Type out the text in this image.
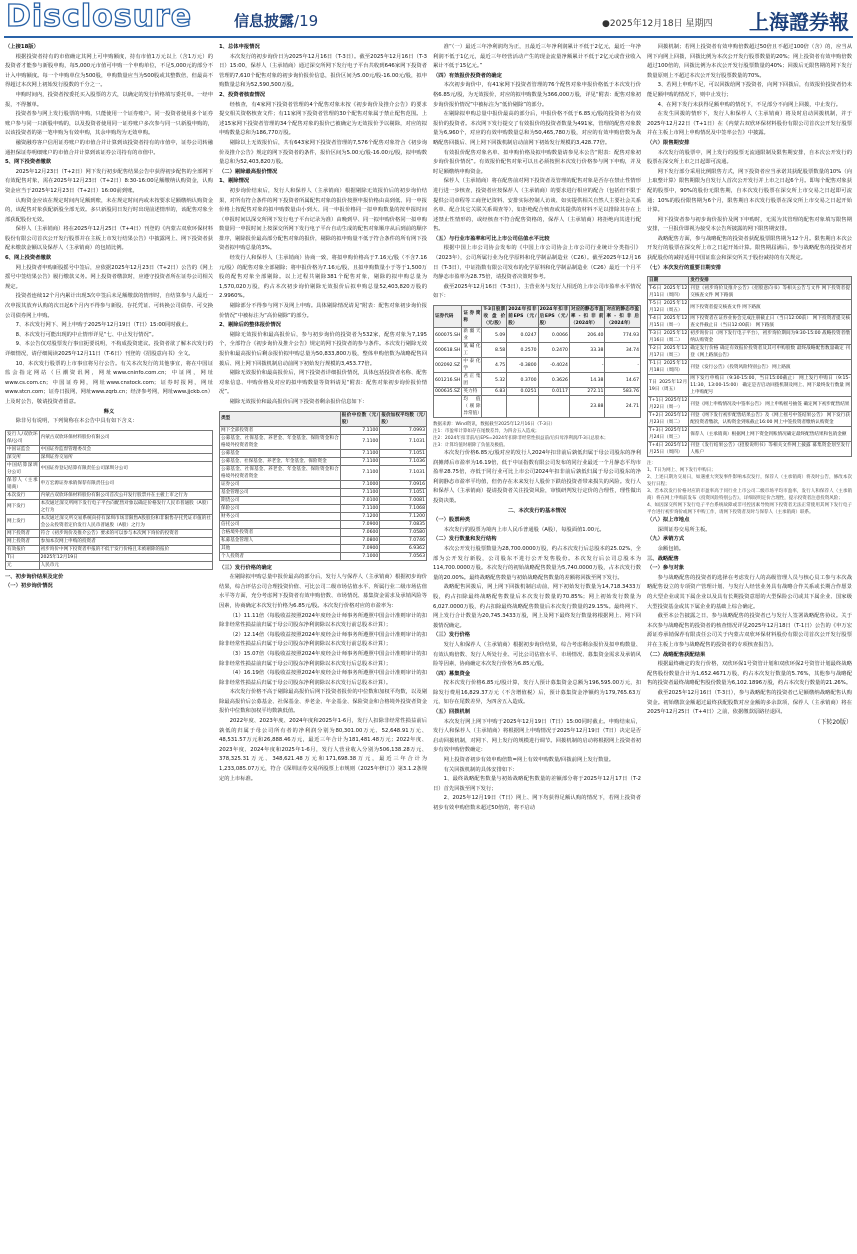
Disclosure	信息披露/19	●2025年12月18日 星期四 上海證券報

（上接18版）

根据投资者持有的市值确定其网上可申购额度，持有市值1万元以上（含1万元）的投资者才能参与新股申购，每5,000元市值可申购一个申购单位，不足5,000元的部分不计入申购额度。每一个申购单位为500股，申购数量应当为500股或其整数倍，但最高不得超过本次网上初始发行股数的千分之一。

申购时间内，投资者按委托买入股票的方式，以确定的发行价格填写委托单。一经申报，不得撤单。

投资者参与网上发行股票的申购，只能使用一个证券账户。同一投资者使用多个证券账户参与同一只新股申购的，以及投资者使用同一证券账户多次参与同一只新股申购的，以该投资者的第一笔申购为有效申购，其余申购均为无效申购。

融资融券客户信用证券账户的市值合并计算到该投资者持有的市值中，证券公司转融通担保证券明细账户的市值合并计算到该证券公司持有的市值中。

5、网下投资者缴款

2025年12月23日（T+2日）网下发行初步配售结果公告中获得初步配售的全部网下有效配售对象，需在2025年12月23日（T+2日）8:30-16:00足额缴纳认购资金，认购资金应当于2025年12月23日（T+2日）16:00前到账。

认购资金应该在规定时间内足额到账，未在规定时间内或未按要求足额缴纳认购资金的，该配售对象获配新股全部无效。多只新股同日发行时出现前述情形的，该配售对象全部获配股份无效。

保荐人（主承销商）将在2025年12月25日（T+4日）刊登的《内蒙古双欣环保材料股份有限公司首次公开发行股票并在主板上市发行结果公告》中披露网上、网下投资者获配未缴款金额以及保荐人（主承销商）的包销比例。

6、网上投资者缴款

网上投资者申购新股摇号中签后，应依据2025年12月23日（T+2日）公告的《网上摇号中签结果公告》履行缴款义务。网上投资者缴款时，应遵守投资者所在证券公司相关规定。

投资者连续12个月内累计出现3次中签后未足额缴款的情形时，自结算参与人最近一次申报其放弃认购的次日起6个月内不得参与新股、存托凭证、可转换公司债券、可交换公司债券网上申购。

7、本次发行网下、网上申购于2025年12月19日（T日）15:00同时截止。

8、本次发行可能出现的中止情形详见“七、中止发行情况”。

9、本公告仅对股票发行事宜扼要说明，不构成投资建议。投资者欲了解本次发行的详细情况，请仔细阅读2025年12月11日（T-6日）刊登的《招股意向书》全文。

10、本次发行股票的上市事宜将另行公告。有关本次发行的其他事宜，将在中国证监会指定网站（巨潮资讯网，网址www.cninfo.com.cn；中证网，网址www.cs.com.cn；中国证券网，网址www.cnstock.com；证券时报网，网址www.stcn.com；证券日报网，网址www.zqrb.cn；经济参考网，网址www.jjckb.cn）上及时公告，敬请投资者留意。

释义

除非另有说明，下列简称在本公告中具有如下含义：

发行人/双欣环保/公司	内蒙古双欣环保材料股份有限公司
中国证监会	中国证券监督管理委员会
深交所	深圳证券交易所
中国结算深圳分公司	中国证券登记结算有限责任公司深圳分公司
保荐人（主承销商）	申万宏源证券承销保荐有限责任公司
本次发行	内蒙古双欣环保材料股份有限公司首次公开发行股票并在主板上市之行为
网下发行	本次通过深交所网下发行电子平台向配售对象以确定价格发行人民币普通股（A股）之行为
网上发行	本次通过深交所交易系统向持有深圳市场非限售A股股份和非限售存托凭证市值的社会公众投资者定价发行人民币普通股（A股）之行为
网下投资者	符合《初步询价及推介公告》要求的可以参与本次网下询价的投资者
网上投资者	参加本次网上申购的投资者
有效报价	初步询价中网下投资者申报的不低于发行价格且未被剔除的报价
T日	2025年12月19日
元	人民币元

一、初步询价结果及定价

（一）初步询价情况

1、总体申报情况

本次发行的初步询价日为2025年12月16日（T-3日）。截至2025年12月16日（T-3日）15:00，保荐人（主承销商）通过深交所网下发行电子平台共收到646家网下投资者管理的7,610个配售对象的初步询价报价信息，报价区间为5.00元/股-16.00元/股，拟申购数量总和为52,590,500万股。

2、投资者核查情况

经核查，有4家网下投资者管理的4个配售对象未按《初步询价及推介公告》的要求提交相关资格核查文件；有11家网下投资者管理的30个配售对象属于禁止配售范围。上述15家网下投资者管理的34个配售对象的报价已被确定为无效报价予以剔除，对应的拟申购数量总和为186,770万股。

剔除以上无效报价后，共有643家网下投资者管理的7,576个配售对象符合《初步询价及推介公告》规定的网下投资者的条件，报价区间为5.00元/股-16.00元/股，拟申购数量总和为52,403,820万股。

（二）剔除最高报价情况

1、剔除情况

初步询价结束后，发行人和保荐人（主承销商）根据剔除无效报价后的初步询价结果，对所有符合条件的网下投资者所属配售对象的报价按照申报价格由高到低、同一申报价格上按配售对象的拟申购数量由小到大、同一申报价格同一拟申购数量的按申报时间（申报时间以深交所网下发行电子平台记录为准）由晚到早、同一拟申购价格同一拟申购数量同一申报时间上按深交所网下发行电子平台自动生成的配售对象顺序从后到前的顺序排序，剔除报价最高部分配售对象的报价，剔除的拟申购量不低于符合条件的所有网下投资者拟申购总量的3%。

经发行人和保荐人（主承销商）协商一致，将拟申购价格高于7.16元/股（不含7.16元/股）的配售对象全部剔除；将申报价格为7.16元/股，且拟申购数量小于等于1,500万股的配售对象全部剔除。以上过程共剔除381个配售对象，剔除的拟申购总量为1,570,020万股，约占本次初步询价剔除无效报价后拟申购总量52,403,820万股的2.9960%。

剔除部分不得参与网下及网上申购。具体剔除情况请见“附表：配售对象初步询价报价情况”中被标注为“高价剔除”的部分。

2、剔除后的整体报价情况

剔除无效报价和最高报价后，参与初步询价的投资者为532家，配售对象为7,195个，全部符合《初步询价及推介公告》规定的网下投资者的参与条件。本次发行剔除无效报价和最高报价后剩余报价拟申购总量为50,833,800万股，整体申购倍数为战略配售回拨后、网上网下回拨机制启动前网下初始发行规模的3,453.77倍。

剔除无效报价和最高报价后，网下投资者详细报价情况，具体包括投资者名称、配售对象信息、申购价格及对应的拟申购数量等资料请见“附表：配售对象初步询价报价情况”。

剔除无效报价和最高报价后网下投资者剩余报价信息如下：

类型	报价中位数（元/股）	报价加权平均数（元/股）
网下全部投资者	7.1100	7.0993
公募基金、社保基金、养老金、年金基金、保险资金和合格境外投资者资金	7.1100	7.1031
公募基金	7.1100	7.1051
公募基金、社保基金、养老金、年金基金、保险资金	7.1100	7.1036
公募基金、社保基金、养老金、年金基金、保险资金和合格境外投资者资金	7.1100	7.1031
证券公司	7.1000	7.0916
基金管理公司	7.1100	7.1051
期货公司	7.0100	7.0081
保险公司	7.1100	7.1068
财务公司	7.1200	7.1200
信托公司	7.0900	7.0835
合格境外投资者	7.0600	7.0580
私募基金管理人	7.0800	7.0746
其他	7.0900	6.9362
个人投资者	7.1000	7.0563

（三）发行价格的确定

在剔除拟申购总量中报价最高的部分后，发行人与保荐人（主承销商）根据初步询价结果，综合评估公司合理投资价值、可比公司二级市场估值水平、所属行业二级市场估值水平等方面，充分考虑网下投资者有效申购倍数、市场情况、募集资金需求及承销风险等因素，协商确定本次发行价格为6.85元/股。本次发行价格对应的市盈率为：

（1）11.11倍（每股收益按照2024年度经会计师事务所遵照中国会计准则审计的扣除非经常性损益前归属于母公司股东净利润除以本次发行前总股本计算）；

（2）12.14倍（每股收益按照2024年度经会计师事务所遵照中国会计准则审计的扣除非经常性损益后归属于母公司股东净利润除以本次发行前总股本计算）；

（3）15.07倍（每股收益按照2024年度经会计师事务所遵照中国会计准则审计的扣除非经常性损益前归属于母公司股东净利润除以本次发行后总股本计算）；

（4）16.19倍（每股收益按照2024年度经会计师事务所遵照中国会计准则审计的扣除非经常性损益后归属于母公司股东净利润除以本次发行后总股本计算）。

本次发行价格不高于剔除最高报价后网下投资者报价的中位数和加权平均数，以及剔除最高报价后公募基金、社保基金、养老金、年金基金、保险资金和合格境外投资者资金报价中位数和加权平均数孰低值。

2022年度、2023年度、2024年度和2025年1-6月，发行人扣除非经常性损益前后孰低的归属于母公司所有者的净利润分别为80,301.00万元、52,648.91万元、48,531.57万元和26,888.46万元，最近三年合计为181,481.48万元；2022年度、2023年度、2024年度和2025年1-6月，发行人营业收入分别为506,138.28万元、378,325.31万元、348,621.48万元和171,698.38万元，最近三年合计为1,233,085.07万元，符合《深圳证券交易所股票上市规则（2025年修订）》第3.1.2条规定的上市标准。

准“（一）最近三年净利润均为正，且最近三年净利润累计不低于2亿元，最近一年净利润不低于1亿元，最近三年经营活动产生的现金流量净额累计不低于2亿元或营业收入累计不低于15亿元。”

（四）有效报价投资者的确定

本次初步询价中，有41家网下投资者管理的76个配售对象申报价格低于本次发行价格6.85元/股，为无效报价，对应的拟申购数量为366,000万股，详见“附表：配售对象初步询价报价情况”中被标注为“低价剔除”的部分。

在剔除拟申购总量中报价最高的部分后，申报价格不低于6.85元/股的投资者为有效报价的投资者。本次网下发行提交了有效报价的投资者数量为491家，管理的配售对象数量为6,960个，对应的有效申购数量总和为50,465,780万股，对应的有效申购倍数为战略配售回拨后、网上网下回拨机制启动前网下初始发行规模的3,428.77倍。

有效报价配售对象名单、拟申购价格及拟申购数量请参见本公告“附表：配售对象初步询价报价情况”。有效报价配售对象可以且必须按照本次发行价格参与网下申购，并及时足额缴纳申购资金。

保荐人（主承销商）将在配售前对网下投资者及管理的配售对象是否存在禁止性情形进行进一步核查，投资者应按保荐人（主承销商）的要求进行相应的配合（包括但不限于提供公司章程等工商登记资料、安排实际控制人访谈、如实提供相关自然人主要社会关系名单、配合其它关联关系调查等），如拒绝配合核查或其提供的材料不足以排除其存在上述禁止性情形的，或经核查不符合配售资格的，保荐人（主承销商）将拒绝向其进行配售。

（五）与行业市盈率和可比上市公司估值水平比较

根据中国上市公司协会发布的《中国上市公司协会上市公司行业统计分类指引》（2023年），公司所属行业为化学原料和化学制品制造业（C26）。截至2025年12月16日（T-3日），中证指数有限公司发布的化学原料和化学制品制造业（C26）最近一个月平均静态市盈率为28.75倍，请投资者决策时参考。

截至2025年12月16日（T-3日），主营业务与发行人相近的上市公司市盈率水平情况如下：

证券代码	证券简称	T-3日股票收盘价（元/股）	2024年扣非前EPS（元/股）	2024年扣非后EPS（元/股）	对应的静态市盈率-扣非前（2024年）	对应的静态市盈率-扣非后（2024年）
600075.SH	新疆天业	5.09	0.0247	0.0066	206.40	774.93
600618.SH	氯碱化工	8.58	0.2570	0.2470	33.38	34.74
002092.SZ	中泰化学	4.75	-0.3800	-0.4024	-	-
601216.SH	君正集团	5.32	0.3700	0.3626	14.38	14.67
000635.SZ	英力特	6.83	0.0251	0.0117	272.11	583.76
	均值（剔除异常值）				23.88	24.71

数据来源：Wind资讯，数据截至2025年12月16日（T-3日）

注1：市盈率计算如存在尾数差异，为四舍五入造成；

注2：2024年扣非前/后EPS=2024年扣除非经常性损益前/后归母净利润/T-3日总股本；

注3：计算均值时剔除了负值及极值。

本次发行价格6.85元/股对应的发行人2024年扣非前后孰低归属于母公司股东的净利润摊薄后市盈率为16.19倍，低于中证指数有限公司发布的同行业最近一个月静态平均市盈率28.75倍，亦低于同行业可比上市公司2024年扣非前后孰低归属于母公司股东的净利润静态市盈率平均值，但仍存在未来发行人股价下跌给投资者带来损失的风险。发行人和保荐人（主承销商）提请投资者关注投资风险，审慎研判发行定价的合理性，理性做出投资决策。

二、本次发行的基本情况

（一）股票种类

本次发行的股票为境内上市人民币普通股（A股），每股面值1.00元。

（二）发行数量和发行结构

本次公开发行股票数量为28,700.0000万股，约占本次发行后总股本的25.02%，全部为公开发行新股，公司股东不进行公开发售股份。本次发行后公司总股本为114,700.0000万股。本次发行的初始战略配售数量为5,740.0000万股，占本次发行数量的20.00%。最终战略配售数量与初始战略配售数量的差额将回拨至网下发行。

战略配售回拨后，网上网下回拨机制启动前，网下初始发行数量为14,718.3433万股，约占扣除最终战略配售数量后本次发行数量的70.85%；网上初始发行数量为6,027.0000万股，约占扣除最终战略配售数量后本次发行数量的29.15%。最终网下、网上发行合计数量为20,745.3433万股，网上及网下最终发行数量将根据网上、网下回拨情况确定。

（三）发行价格

发行人和保荐人（主承销商）根据初步询价结果，综合考虑剩余报价及拟申购数量、有效认购倍数、发行人所处行业、可比公司估值水平、市场情况、募集资金需求及承销风险等因素，协商确定本次发行价格为6.85元/股。

（四）募集资金

按本次发行价格6.85元/股计算，发行人预计募集资金总额为196,595.00万元，扣除发行费用16,829.37万元（不含增值税）后，预计募集资金净额约为179,765.63万元，如存在尾数差异，为四舍五入造成。

（五）回拨机制

本次发行网上网下申购于2025年12月19日（T日）15:00同时截止。申购结束后，发行人和保荐人（主承销商）将根据网上申购情况于2025年12月19日（T日）决定是否启动回拨机制，对网下、网上发行的规模进行调节。回拨机制的启动将根据网上投资者初步有效申购倍数确定：

网上投资者初步有效申购倍数=网上有效申购数量/回拨前网上发行数量。

有关回拨机制的具体安排如下：

1、最终战略配售数量与初始战略配售数量的差额部分将于2025年12月17日（T-2日）首先回拨至网下发行；

2、2025年12月19日（T日）网上、网下均获得足额认购的情况下，若网上投资者初步有效申购倍数未超过50倍的，将不启动

回拨机制；若网上投资者有效申购倍数超过50倍且不超过100倍（含）的，应当从网下向网上回拨，回拨比例为本次公开发行股票数量的20%；网上投资者有效申购倍数超过100倍的，回拨比例为本次公开发行股票数量的40%；回拨后无限售期的网下发行数量原则上不超过本次公开发行股票数量的70%。

3、若网上申购不足，可以回拨给网下投资者，向网下回拨后，有效报价投资者仍未能足额申购的情况下，则中止发行；

4、在网下发行未获得足额申购的情况下，不足部分不向网上回拨，中止发行。

在发生回拨的情形下，发行人和保荐人（主承销商）将及时启动回拨机制，并于2025年12月22日（T+1日）在《内蒙古双欣环保材料股份有限公司首次公开发行股票并在主板上市网上申购情况及中签率公告》中披露。

（六）限售期安排

本次发行的股票中，网上发行的股票无流通限制及限售期安排，自本次公开发行的股票在深交所上市之日起即可流通。

网下发行部分采用比例限售方式，网下投资者应当承诺其获配股票数量的10%（向上取整计算）限售期限为自发行人首次公开发行并上市之日起6个月。即每个配售对象获配的股票中，90%的股份无限售期，自本次发行股票在深交所上市交易之日起即可流通；10%的股份限售期为6个月，限售期自本次发行股票在深交所上市交易之日起开始计算。

网下投资者参与初步询价报价及网下申购时，无需为其管理的配售对象填写限售期安排，一旦报价即视为接受本公告所披露的网下限售期安排。

战略配售方面，参与战略配售的投资者获配股票限售期为12个月。限售期自本次公开发行的股票在深交所上市之日起开始计算。限售期届满后，参与战略配售的投资者对获配股份的减持适用中国证监会和深交所关于股份减持的有关规定。

（七）本次发行的重要日期安排

日期	发行安排
T-6日 2025年12月11日（周四）	刊登《初步询价及推介公告》《招股意向书》等相关公告与文件 网下投资者提交核查文件 网下路演
T-5日 2025年12月12日（周五）	网下投资者提交核查文件 网下路演
T-4日 2025年12月15日（周一）	网下投资者在证券业协会完成注册截止日（当日12:00前） 网下投资者提交核查文件截止日（当日12:00前） 网下路演
T-3日 2025年12月16日（周二）	初步询价日（网下发行电子平台），初步询价期间为9:30-15:00 战略投资者缴纳认购资金
T-2日 2025年12月17日（周三）	确定发行价格 确定有效报价投资者及其可申购股数 最终战略配售数量确定 刊登《网上路演公告》
T-1日 2025年12月18日（周四）	刊登《发行公告》《投资风险特别公告》 网上路演
T日 2025年12月19日（周五）	网下发行申购日（9:30-15:00，当日15:00截止） 网上发行申购日（9:15-11:30，13:00-15:00） 确定是否启动回拨机制及网上、网下最终发行数量 网上申购配号
T+1日 2025年12月22日（周一）	刊登《网上申购情况及中签率公告》 网上申购摇号抽签 确定网下初步配售结果
T+2日 2025年12月23日（周二）	刊登《网下发行初步配售结果公告》及《网上摇号中签结果公告》 网下发行获配投资者缴款，认购资金到账截止16:00 网上中签投资者缴纳认购资金
T+3日 2025年12月24日（周三）	保荐人（主承销商）根据网上网下资金到账情况确定最终配售结果和包销金额
T+4日 2025年12月25日（周四）	刊登《发行结果公告》《招股说明书》等相关文件网上披露 募集资金划至发行人账户

注：

1、T日为网上、网下发行申购日；

2、上述日期为交易日，如遇重大突发事件影响本次发行，保荐人（主承销商）将及时公告，修改本次发行日程；

3、若本次发行价格对应的市盈率高于同行业上市公司二级市场平均市盈率，发行人和保荐人（主承销商）将在网上申购前发布《投资风险特别公告》，详细说明定价合理性，提示投资者注意投资风险；

4、如因深交所网下发行电子平台系统故障或非可控因素导致网下投资者无法正常使用其网下发行电子平台进行初步询价或网下申购工作，请网下投资者及时与保荐人（主承销商）联系。

（八）拟上市地点

深圳证券交易所主板。

（九）承销方式

余额包销。

三、战略配售

（一）参与对象

参与战略配售的投资者的选择在考虑发行人的高级管理人员与核心员工参与本次战略配售设立的专项资产管理计划、与发行人经营业务具有战略合作关系或长期合作愿景的大型企业或其下属企业以及具有长期投资意愿的大型保险公司或其下属企业、国家级大型投资基金或其下属企业的基础上综合确定。

截至本公告披露之日，参与战略配售的投资者已与发行人签署战略配售协议。关于本次参与战略配售的投资者的核查情况详见2025年12月18日（T-1日）公告的《申万宏源证券承销保荐有限责任公司关于内蒙古双欣环保材料股份有限公司首次公开发行股票并在主板上市参与战略配售的投资者的专项核查报告》。

（二）战略配售获配结果

根据最终确定的发行价格，双欣环保1号资管计划和双欣环保2号资管计划最终战略配售股份数量合计为1,652.4671万股，约占本次发行数量的5.76%，其他参与战略配售的投资者最终战略配售股份数量为6,102.1896万股，约占本次发行数量的21.26%。

截至2025年12月16日（T-3日），参与战略配售的投资者已足额缴纳战略配售认购资金。初始缴款金额超过最终获配股数对应金额的多余款项，保荐人（主承销商）将在2025年12月25日（T+4日）之前，依据缴款原路径退回。

（下转20版）
